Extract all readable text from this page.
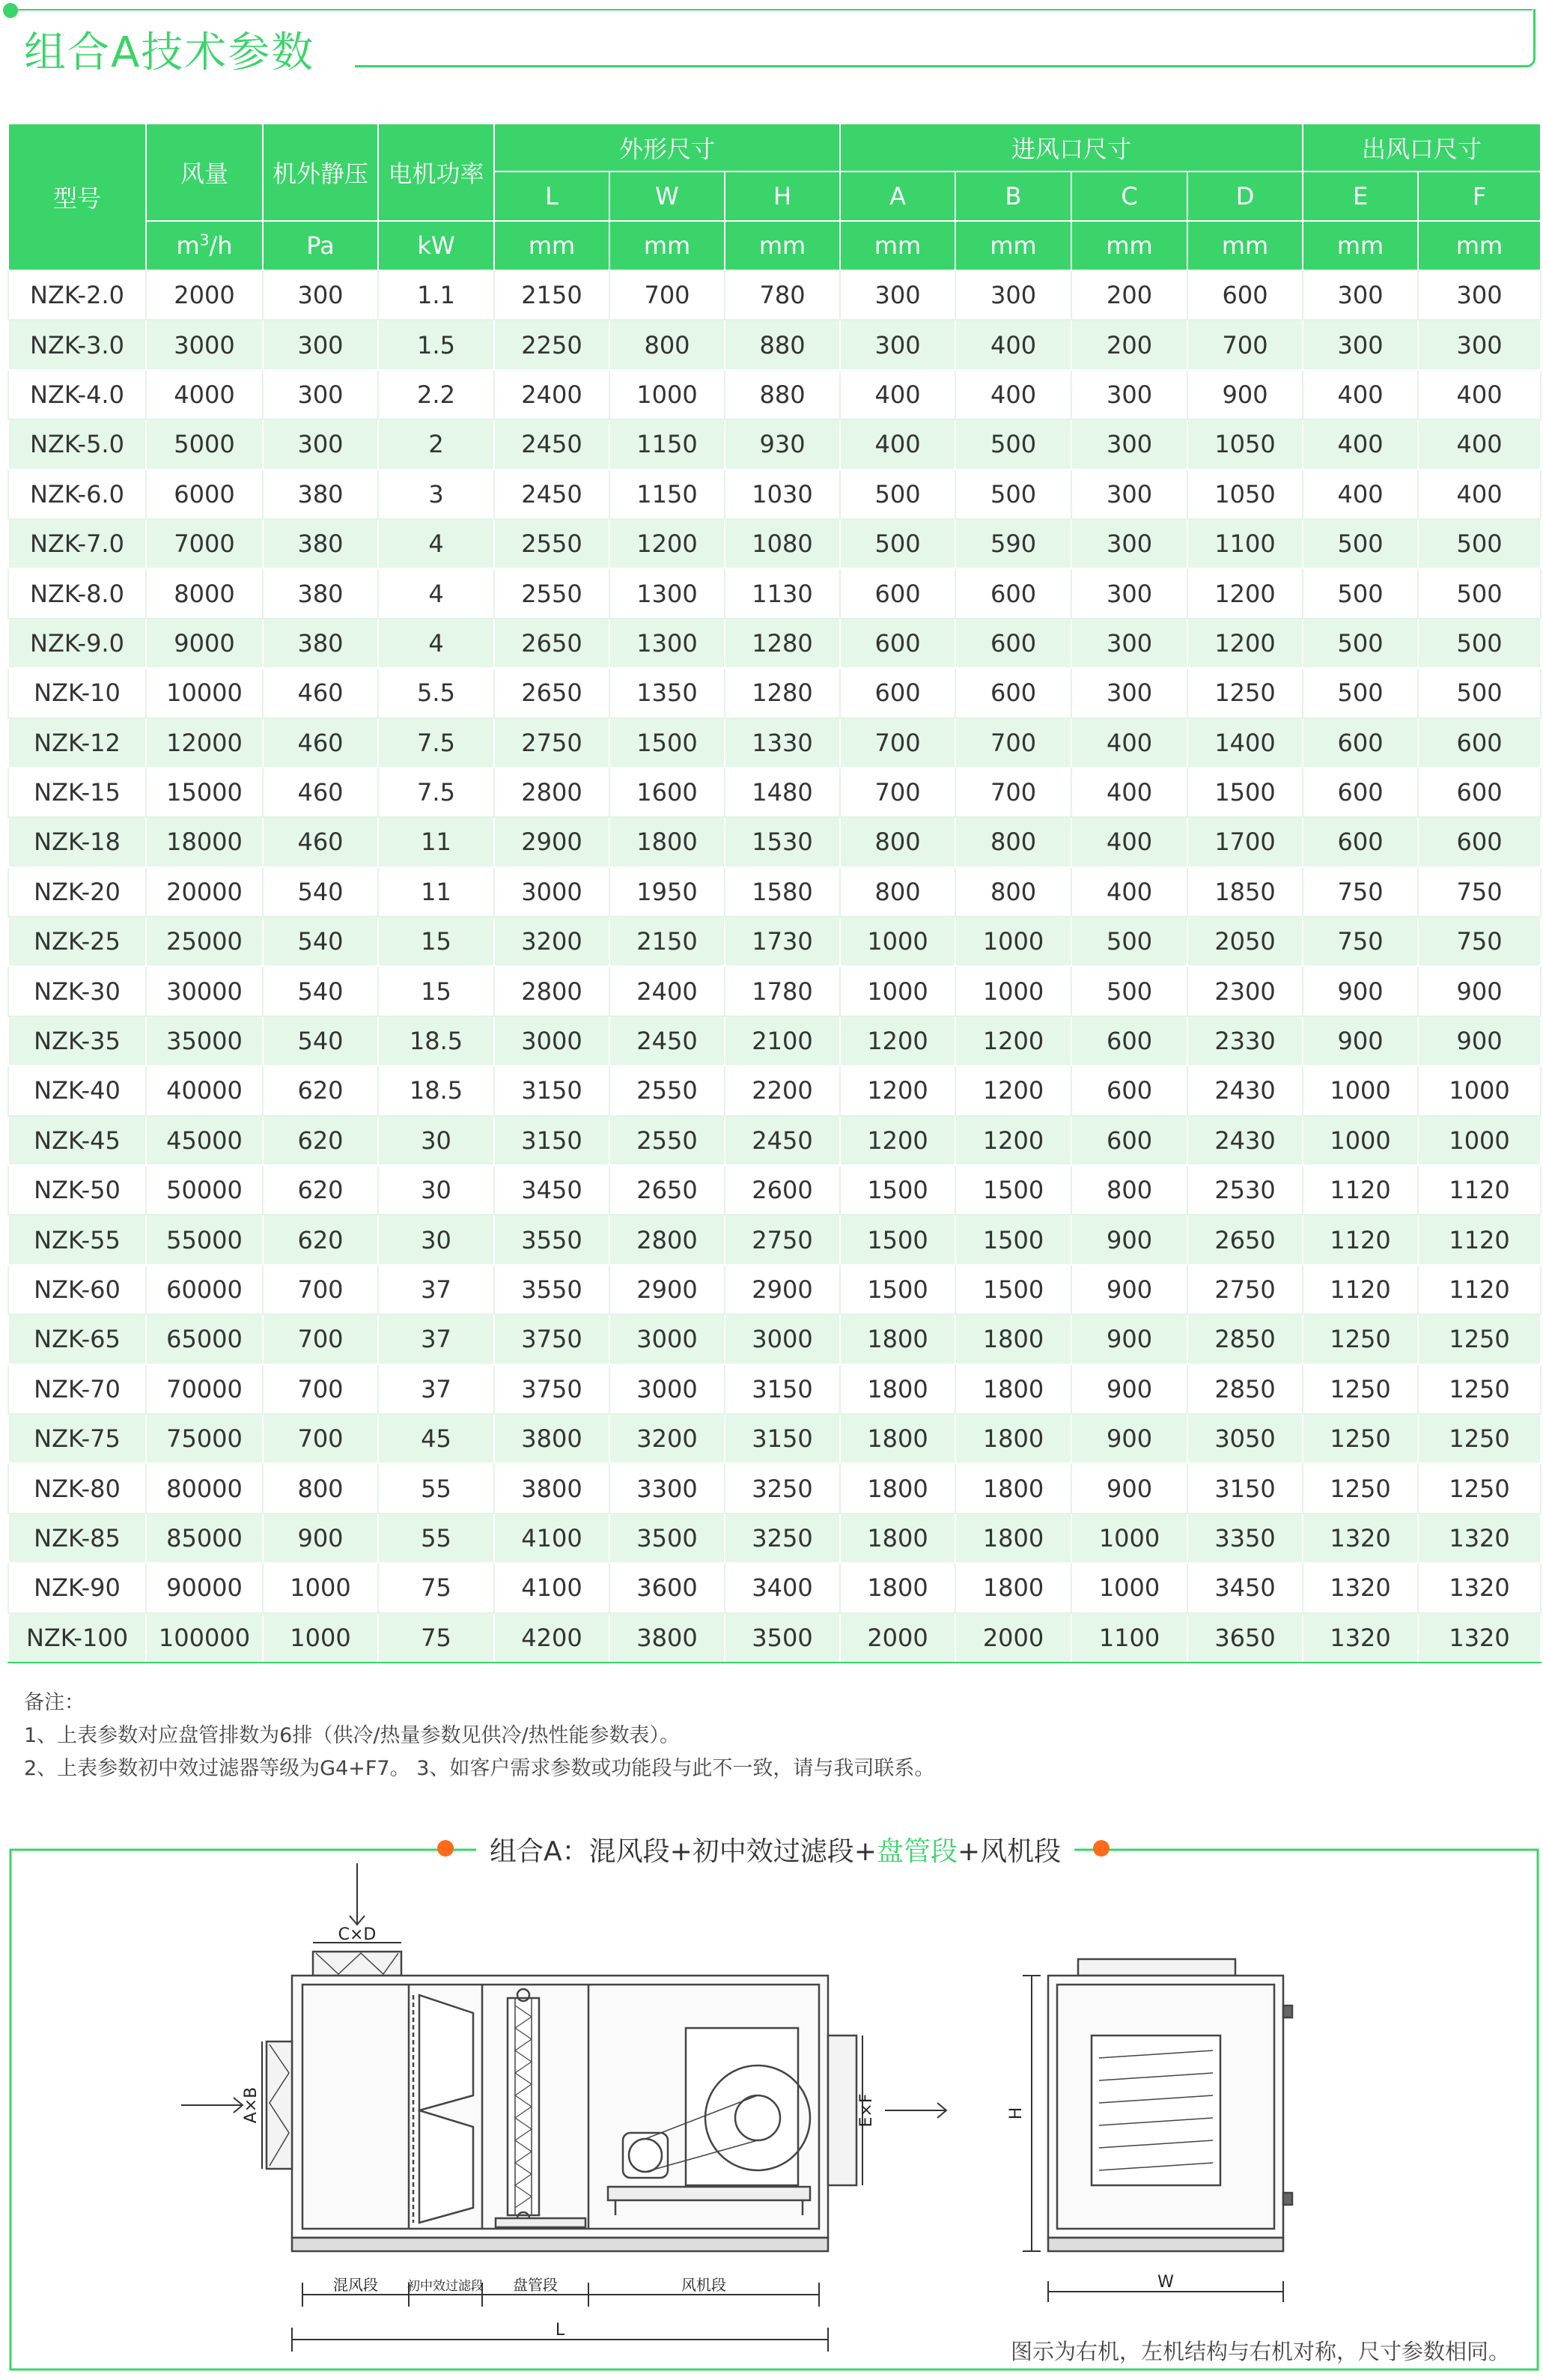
组合A技术参数
型号	风量	机外静压	电机功率	外形尺寸			进风口尺寸				出风口尺寸	
				L	W	H	A	B	C	D	E	F
	$m^3/h$	Pa	kW	mm	mm	mm	mm	mm	mm	mm	mm	mm
NZK-2.0	2000	300	1.1	2150	700	780	300	300	200	600	300	300
NZK-3.0	3000	300	1.5	2250	800	880	300	400	200	700	300	300
NZK-4.0	4000	300	2.2	2400	1000	880	400	400	300	900	400	400
NZK-5.0	5000	300	2	2450	1150	930	400	500	300	1050	400	400
NZK-6.0	6000	380	3	2450	1150	1030	500	500	300	1050	400	400
NZK-7.0	7000	380	4	2550	1200	1080	500	590	300	1100	500	500
NZK-8.0	8000	380	4	2550	1300	1130	600	600	300	1200	500	500
NZK-9.0	9000	380	4	2650	1300	1280	600	600	300	1200	500	500
NZK-10	10000	460	5.5	2650	1350	1280	600	600	300	1250	500	500
NZK-12	12000	460	7.5	2750	1500	1330	700	700	400	1400	600	600
NZK-15	15000	460	7.5	2800	1600	1480	700	700	400	1500	600	600
NZK-18	18000	460	11	2900	1800	1530	800	800	400	1700	600	600
NZK-20	20000	540	11	3000	1950	1580	800	800	400	1850	750	750
NZK-25	25000	540	15	3200	2150	1730	1000	1000	500	2050	750	750
NZK-30	30000	540	15	2800	2400	1780	1000	1000	500	2300	900	900
NZK-35	35000	540	18.5	3000	2450	2100	1200	1200	600	2330	900	900
NZK-40	40000	620	18.5	3150	2550	2200	1200	1200	600	2430	1000	1000
NZK-45	45000	620	30	3150	2550	2450	1200	1200	600	2430	1000	1000
NZK-50	50000	620	30	3450	2650	2600	1500	1500	800	2530	1120	1120
NZK-55	55000	620	30	3550	2800	2750	1500	1500	900	2650	1120	1120
NZK-60	60000	700	37	3550	2900	2900	1500	1500	900	2750	1120	1120
NZK-65	65000	700	37	3750	3000	3000	1800	1800	900	2850	1250	1250
NZK-70	70000	700	37	3750	3000	3150	1800	1800	900	2850	1250	1250
NZK-75	75000	700	45	3800	3200	3150	1800	1800	900	3050	1250	1250
NZK-80	80000	800	55	3800	3300	3250	1800	1800	900	3150	1250	1250
NZK-85	85000	900	55	4100	3500	3250	1800	1800	1000	3350	1320	1320
NZK-90	90000	1000	75	4100	3600	3400	1800	1800	1000	3450	1320	1320
NZK-100	100000	1000	75	4200	3800	3500	2000	2000	1100	3650	1320	1320
备注：
1、上表参数对应盘管排数为6排（供冷/热量参数见供冷/热性能参数表）。
2、上表参数初中效过滤器等级为G4+F7。 3、如客户需求参数或功能段与此不一致，请与我司联系。
C×D
A×B	E×F	H
W
L
混风段 初中效过滤段 盘管段	风机段
组合A：混风段+初中效过滤段+盘管段+风机段
图示为右机，左机结构与右机对称，尺寸参数相同。
